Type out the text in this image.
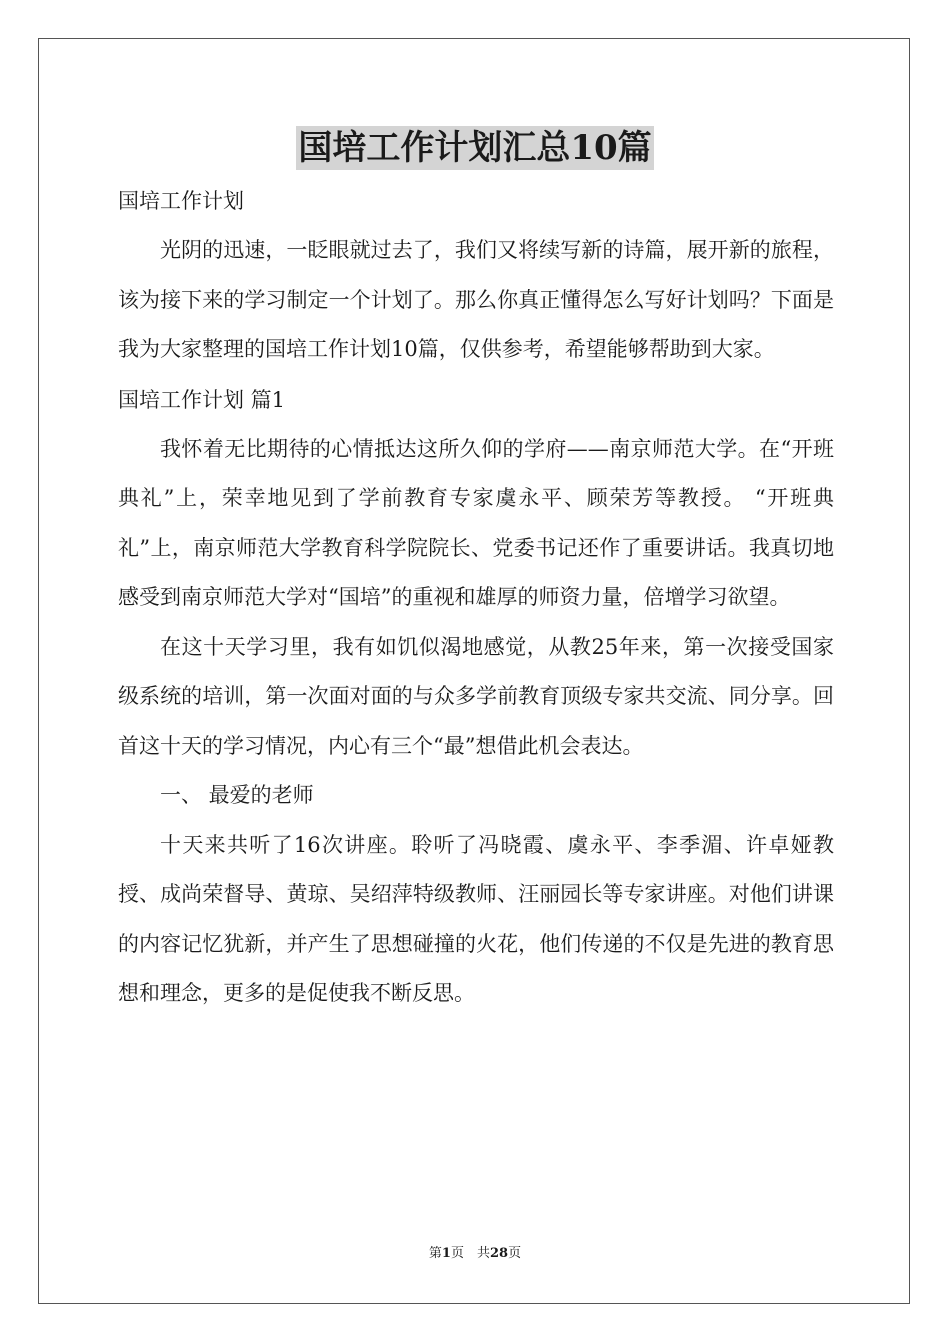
国培工作计划汇总10篇

国培工作计划

光阴的迅速，一眨眼就过去了，我们又将续写新的诗篇，展开新的旅程，该为接下来的学习制定一个计划了。那么你真正懂得怎么写好计划吗？下面是我为大家整理的国培工作计划10篇，仅供参考，希望能够帮助到大家。

国培工作计划 篇1

我怀着无比期待的心情抵达这所久仰的学府——南京师范大学。在“开班典礼”上，荣幸地见到了学前教育专家虞永平、顾荣芳等教授。 “开班典礼”上，南京师范大学教育科学院院长、党委书记还作了重要讲话。我真切地感受到南京师范大学对“国培”的重视和雄厚的师资力量，倍增学习欲望。

在这十天学习里，我有如饥似渴地感觉，从教25年来，第一次接受国家级系统的培训，第一次面对面的与众多学前教育顶级专家共交流、同分享。回首这十天的学习情况，内心有三个“最”想借此机会表达。

一、 最爱的老师

十天来共听了16次讲座。聆听了冯晓霞、虞永平、李季湄、许卓娅教授、成尚荣督导、黄琼、吴绍萍特级教师、汪丽园长等专家讲座。对他们讲课的内容记忆犹新，并产生了思想碰撞的火花，他们传递的不仅是先进的教育思想和理念，更多的是促使我不断反思。

第1页　共28页
